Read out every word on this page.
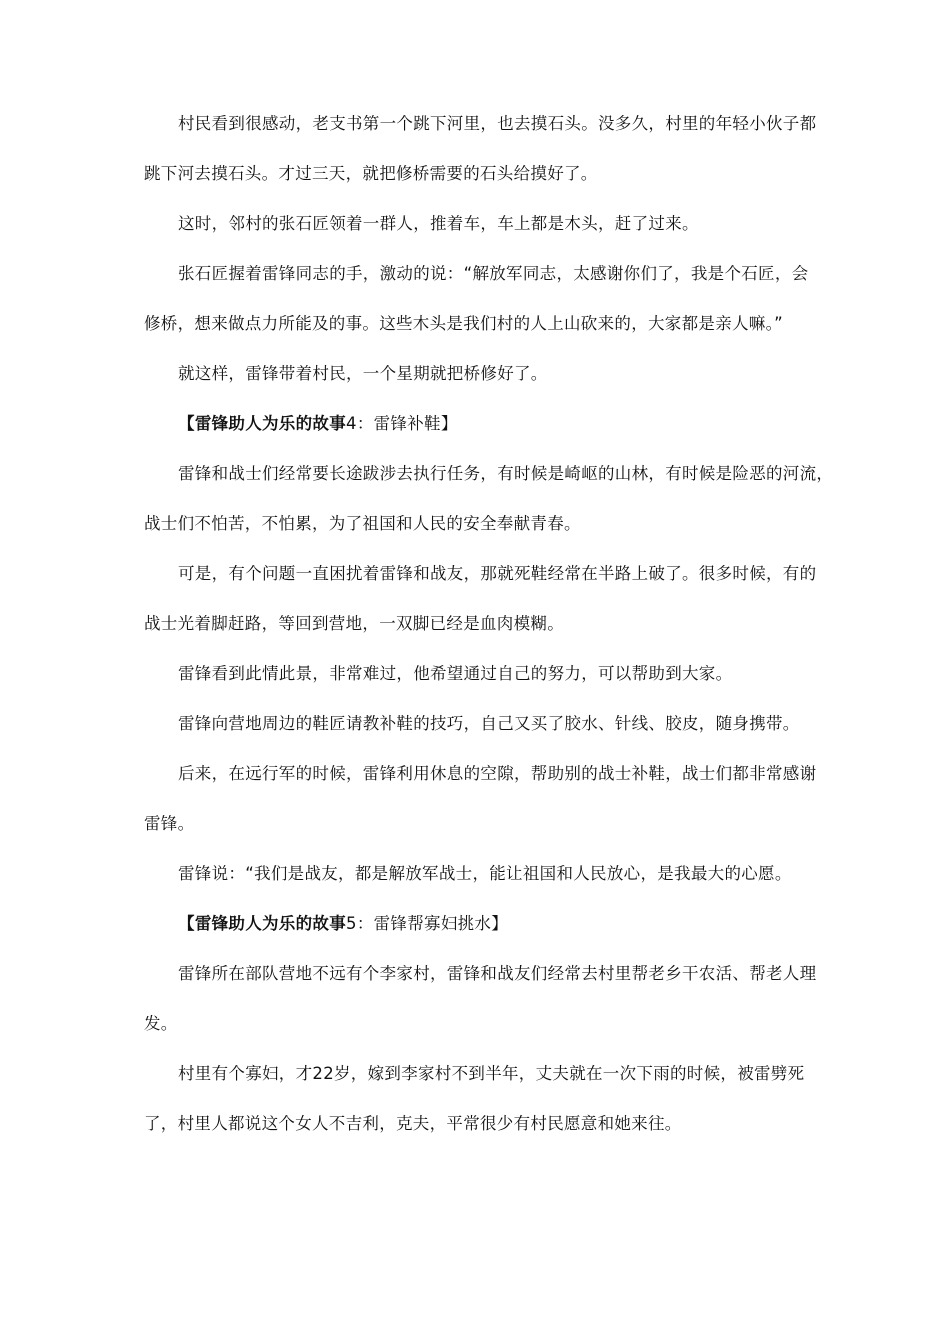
村民看到很感动，老支书第一个跳下河里，也去摸石头。没多久，村里的年轻小伙子都
跳下河去摸石头。才过三天，就把修桥需要的石头给摸好了。
这时，邻村的张石匠领着一群人，推着车，车上都是木头，赶了过来。
张石匠握着雷锋同志的手，激动的说：“解放军同志，太感谢你们了，我是个石匠，会
修桥，想来做点力所能及的事。这些木头是我们村的人上山砍来的，大家都是亲人嘛。”
就这样，雷锋带着村民，一个星期就把桥修好了。
【雷锋助人为乐的故事4：雷锋补鞋】
雷锋和战士们经常要长途跋涉去执行任务，有时候是崎岖的山林，有时候是险恶的河流，
战士们不怕苦，不怕累，为了祖国和人民的安全奉献青春。
可是，有个问题一直困扰着雷锋和战友，那就死鞋经常在半路上破了。很多时候，有的
战士光着脚赶路，等回到营地，一双脚已经是血肉模糊。
雷锋看到此情此景，非常难过，他希望通过自己的努力，可以帮助到大家。
雷锋向营地周边的鞋匠请教补鞋的技巧，自己又买了胶水、针线、胶皮，随身携带。
后来，在远行军的时候，雷锋利用休息的空隙，帮助别的战士补鞋，战士们都非常感谢
雷锋。
雷锋说：“我们是战友，都是解放军战士，能让祖国和人民放心，是我最大的心愿。
【雷锋助人为乐的故事5：雷锋帮寡妇挑水】
雷锋所在部队营地不远有个李家村，雷锋和战友们经常去村里帮老乡干农活、帮老人理
发。
村里有个寡妇，才22岁，嫁到李家村不到半年，丈夫就在一次下雨的时候，被雷劈死
了，村里人都说这个女人不吉利，克夫，平常很少有村民愿意和她来往。
